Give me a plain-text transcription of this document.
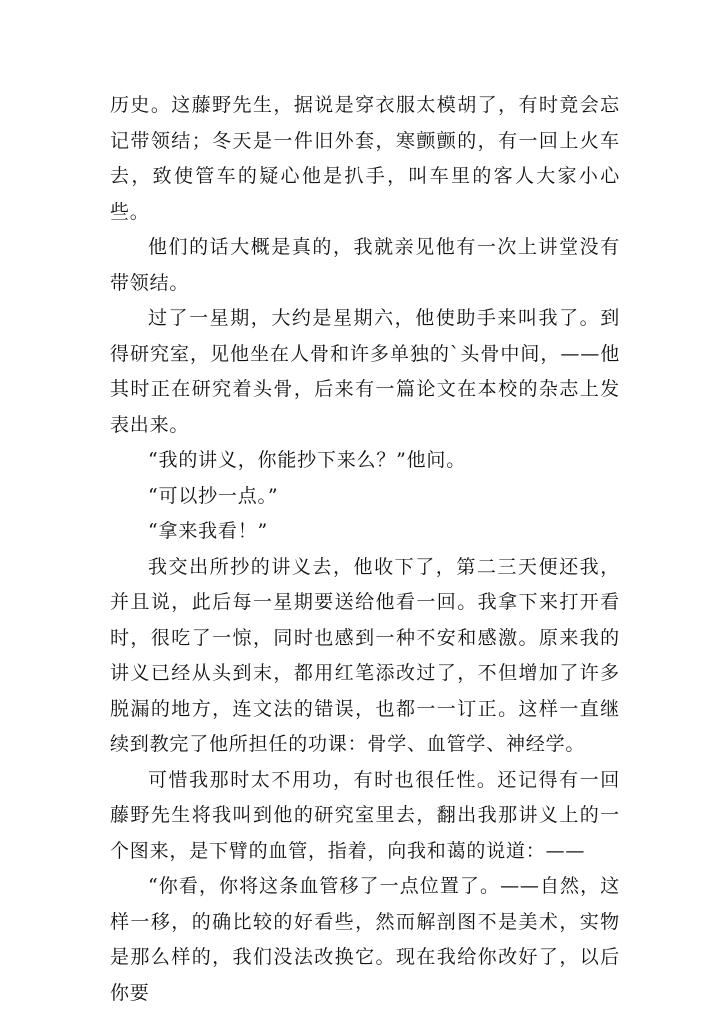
历史。这藤野先生，据说是穿衣服太模胡了，有时竟会忘记带领结；冬天是一件旧外套，寒颤颤的，有一回上火车去，致使管车的疑心他是扒手，叫车里的客人大家小心些。

他们的话大概是真的，我就亲见他有一次上讲堂没有带领结。

过了一星期，大约是星期六，他使助手来叫我了。到得研究室，见他坐在人骨和许多单独的`头骨中间，——他其时正在研究着头骨，后来有一篇论文在本校的杂志上发表出来。

“我的讲义，你能抄下来么？”他问。

“可以抄一点。”

“拿来我看！”

我交出所抄的讲义去，他收下了，第二三天便还我，并且说，此后每一星期要送给他看一回。我拿下来打开看时，很吃了一惊，同时也感到一种不安和感激。原来我的讲义已经从头到末，都用红笔添改过了，不但增加了许多脱漏的地方，连文法的错误，也都一一订正。这样一直继续到教完了他所担任的功课：骨学、血管学、神经学。

可惜我那时太不用功，有时也很任性。还记得有一回藤野先生将我叫到他的研究室里去，翻出我那讲义上的一个图来，是下臂的血管，指着，向我和蔼的说道：——

“你看，你将这条血管移了一点位置了。——自然，这样一移，的确比较的好看些，然而解剖图不是美术，实物是那么样的，我们没法改换它。现在我给你改好了，以后你要
